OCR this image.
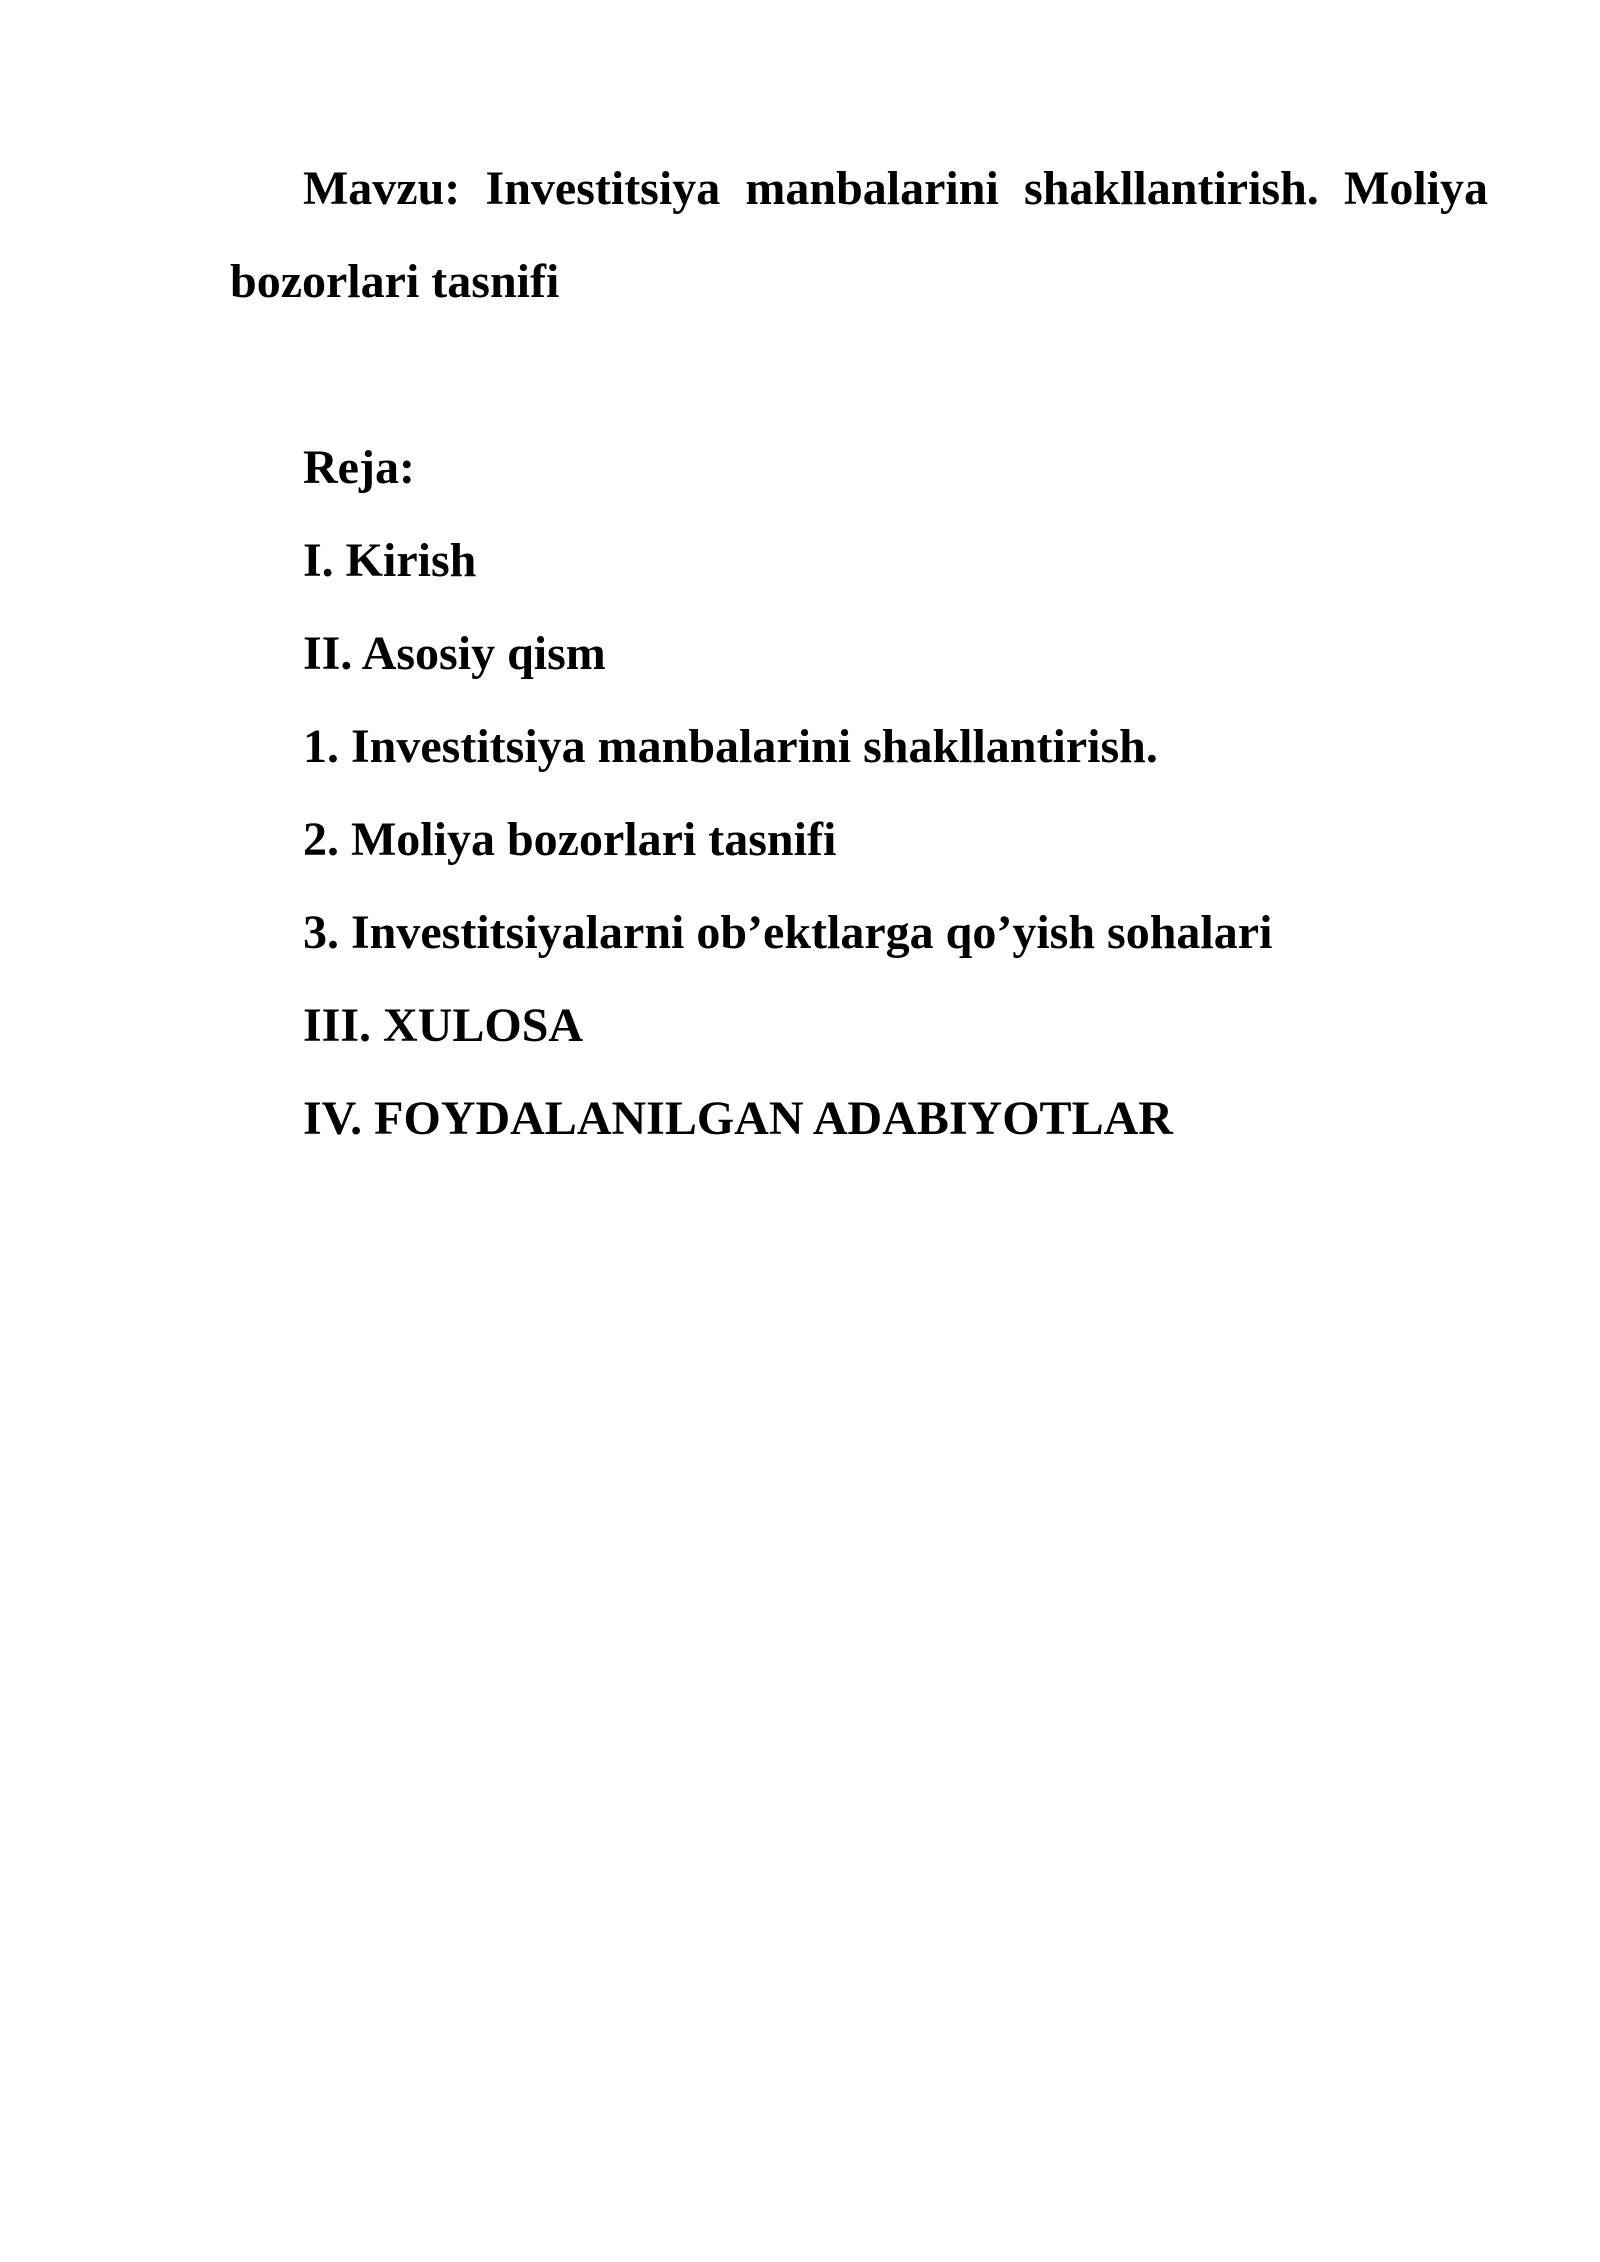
Mavzu: Investitsiya manbalarini shakllantirish. Moliya bozorlari tasnifi

Reja:

I. Kirish

II. Asosiy qism

1. Investitsiya manbalarini shakllantirish.

2. Moliya bozorlari tasnifi

3. Investitsiyalarni ob’ektlarga qo’yish sohalari

III. XULOSA

IV. FOYDALANILGAN ADABIYOTLAR
